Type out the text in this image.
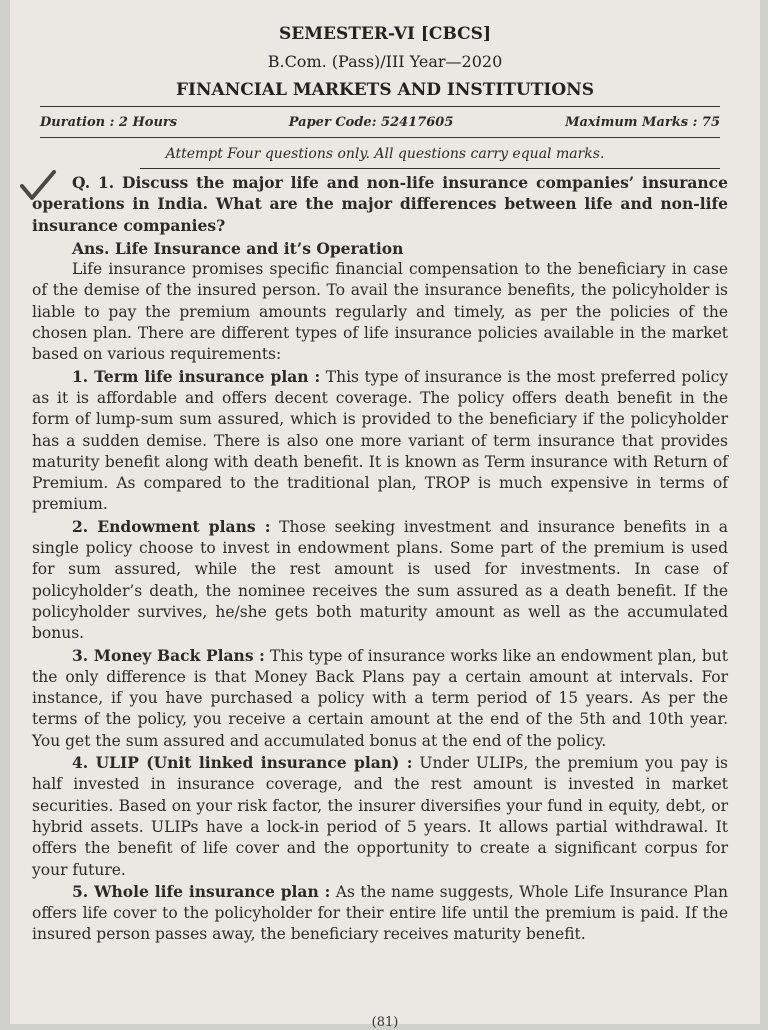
SEMESTER-VI [CBCS]
B.Com. (Pass)/III Year—2020
FINANCIAL MARKETS AND INSTITUTIONS
Duration : 2 Hours	Paper Code: 52417605	Maximum Marks : 75
Attempt Four questions only. All questions carry equal marks.

Q. 1. Discuss the major life and non-life insurance companies’ insurance operations in India. What are the major differences between life and non-life insurance companies?

Ans. Life Insurance and it’s Operation

Life insurance promises specific financial compensation to the beneficiary in case of the demise of the insured person. To avail the insurance benefits, the policyholder is liable to pay the premium amounts regularly and timely, as per the policies of the chosen plan. There are different types of life insurance policies available in the market based on various requirements:

1. Term life insurance plan : This type of insurance is the most preferred policy as it is affordable and offers decent coverage. The policy offers death benefit in the form of lump-sum sum assured, which is provided to the beneficiary if the policyholder has a sudden demise. There is also one more variant of term insurance that provides maturity benefit along with death benefit. It is known as Term insurance with Return of Premium. As compared to the traditional plan, TROP is much expensive in terms of premium.

2. Endowment plans : Those seeking investment and insurance benefits in a single policy choose to invest in endowment plans. Some part of the premium is used for sum assured, while the rest amount is used for investments. In case of policyholder’s death, the nominee receives the sum assured as a death benefit. If the policyholder survives, he/she gets both maturity amount as well as the accumulated bonus.

3. Money Back Plans : This type of insurance works like an endowment plan, but the only difference is that Money Back Plans pay a certain amount at intervals. For instance, if you have purchased a policy with a term period of 15 years. As per the terms of the policy, you receive a certain amount at the end of the 5th and 10th year. You get the sum assured and accumulated bonus at the end of the policy.

4. ULIP (Unit linked insurance plan) : Under ULIPs, the premium you pay is half invested in insurance coverage, and the rest amount is invested in market securities. Based on your risk factor, the insurer diversifies your fund in equity, debt, or hybrid assets. ULIPs have a lock-in period of 5 years. It allows partial withdrawal. It offers the benefit of life cover and the opportunity to create a significant corpus for your future.

5. Whole life insurance plan : As the name suggests, Whole Life Insurance Plan offers life cover to the policyholder for their entire life until the premium is paid. If the insured person passes away, the beneficiary receives maturity benefit.

(81)
